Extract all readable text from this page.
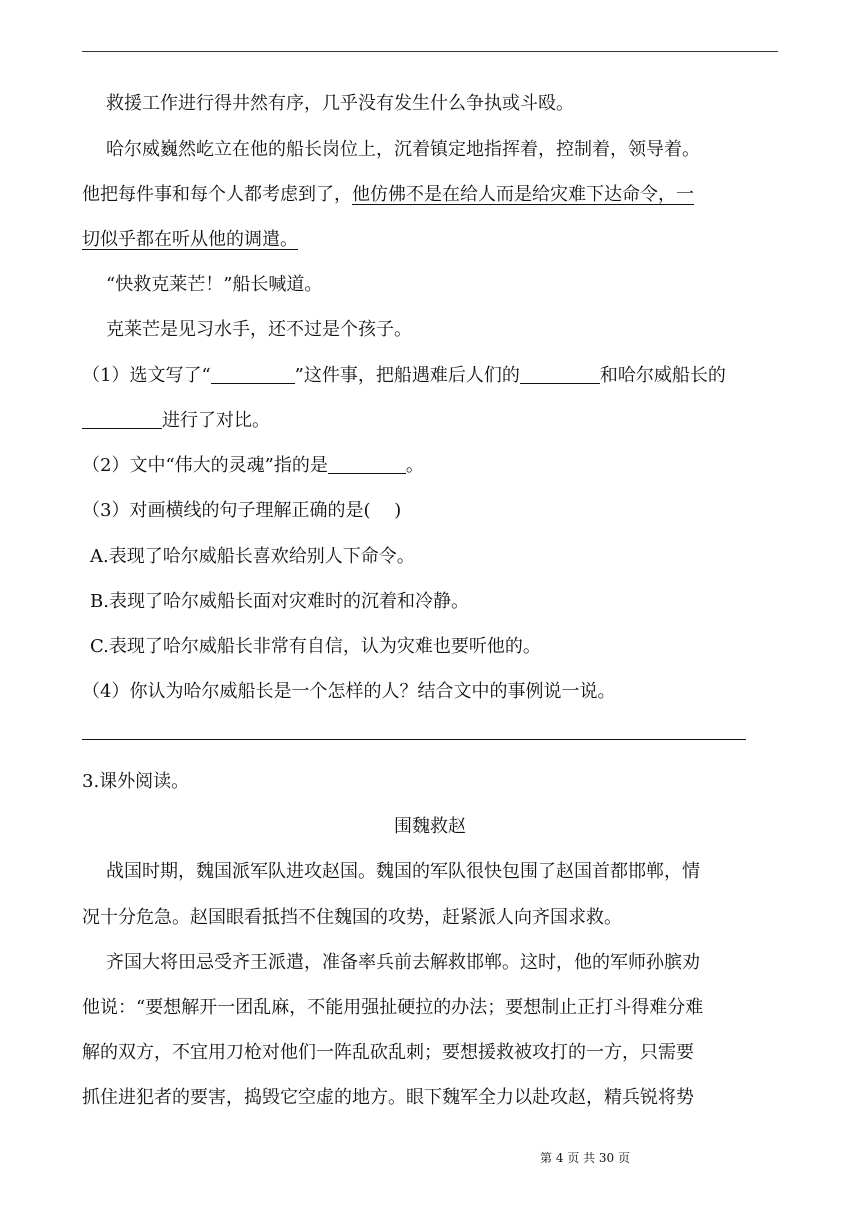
救援工作进行得井然有序，几乎没有发生什么争执或斗殴。
哈尔威巍然屹立在他的船长岗位上，沉着镇定地指挥着，控制着，领导着。
他把每件事和每个人都考虑到了，他仿佛不是在给人而是给灾难下达命令，一
切似乎都在听从他的调遣。
“快救克莱芒！”船长喊道。
克莱芒是见习水手，还不过是个孩子。
（1）选文写了“	”这件事，把船遇难后人们的	和哈尔威船长的
进行了对比。
（2）文中“伟大的灵魂”指的是	。
（3）对画横线的句子理解正确的是(　 )
A.表现了哈尔威船长喜欢给别人下命令。
B.表现了哈尔威船长面对灾难时的沉着和冷静。
C.表现了哈尔威船长非常有自信，认为灾难也要听他的。
（4）你认为哈尔威船长是一个怎样的人？结合文中的事例说一说。
3.课外阅读。
围魏救赵
战国时期，魏国派军队进攻赵国。魏国的军队很快包围了赵国首都邯郸，情
况十分危急。赵国眼看抵挡不住魏国的攻势，赶紧派人向齐国求救。
齐国大将田忌受齐王派遣，准备率兵前去解救邯郸。这时，他的军师孙膑劝
他说：“要想解开一团乱麻，不能用强扯硬拉的办法；要想制止正打斗得难分难
解的双方，不宜用刀枪对他们一阵乱砍乱刺；要想援救被攻打的一方，只需要
抓住进犯者的要害，捣毁它空虚的地方。眼下魏军全力以赴攻赵，精兵锐将势
第 4 页 共 30 页
